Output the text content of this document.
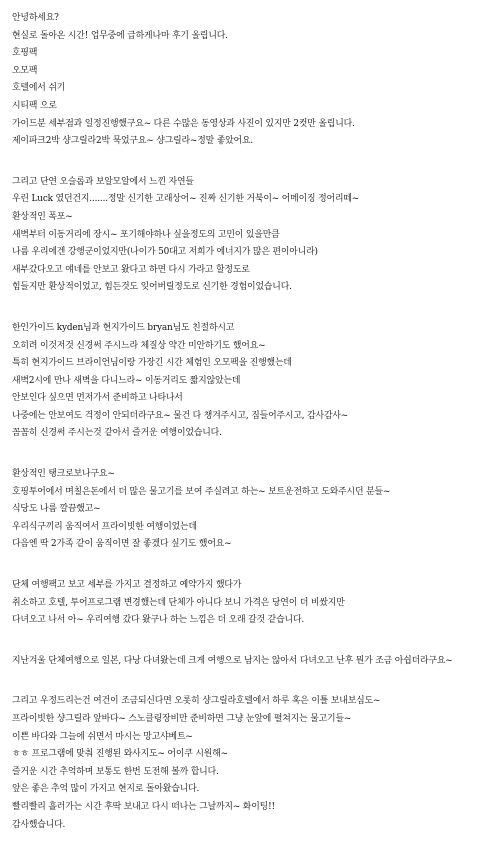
안녕하세요?
현실로 돌아온 시간! 업무중에 급하게나마 후기 올립니다.
호핑팩
오모팩
호텔에서 쉬기
시티팩 으로
가이드분 세부점과 일정진행했구요~ 다른 수많은 동영상과 사진이 있지만 2컷만 올립니다.
제이파크2박 샹그릴라2박 묵었구요~ 샹그릴라~정말 좋았어요.
그리고 단연 오슬롭과 보알모알에서 느낀 자연들
우린 Luck 였던건지.......정말 신기한 고래상어~ 진짜 신기한 거북이~ 어메이징 정어리떼~
환상적인 폭포~
새벽부터 이동거리에 장시~ 포기해야하나 싶을정도의 고민이 있을만큼
나름 우리에겐 강행군이었지만(나이가 50대고 저희가 에너지가 많은 편이아니라)
새부갔다오고 얘네를 안보고 왔다고 하면 다시 가라고 할정도로
힘들지만 환상적이었고, 힘든것도 잊어버릴정도로 신기한 경험이었습니다.
한인가이드 kyden님과 현지가이드 bryan님도 친절하시고
오히려 이것저것 신경써 주시느라 체질상 약간 미안하기도 했어요~
특히 현지가이드 브라이언님이랑 가장긴 시간 체험인 오모팩을 진행했는데
새벽2시에 만나 새벽을 다니느라~ 이동거리도 짧지않았는데
안보인다 싶으면 먼저가서 준비하고 나타나서
나중에는 안보여도 걱정이 안되더라구요~ 물건 다 챙겨주시고, 짐들어주시고, 감사감사~
꼼꼼히 신경써 주시는것 같아서 즐거운 여행이었습니다.
환상적인 탱크로보나구요~
호핑투어에서 며칠은돈에서 더 많은 물고기를 보여 주실려고 하는~ 보트운전하고 도와주시던 분들~
식당도 나름 깔끔했고~
우리식구끼리 움직여서 프라이빗한 여행이었는데
다음엔 딱 2가족 같이 움직이면 잘 좋겠다 싶기도 했어요~
단체 여행팩고 보고 세부를 가지고 결정하고 예약가지 했다가
취소하고 호텔, 투어프로그램 변경했는데 단체가 아니다 보니 가격은 당연이 더 비쌌지만
다녀오고 나서 아~ 우리여행 갔다 왔구나 하는 느낌은 더 오래 갈것 같습니다.
지난겨울 단체여행으로 일본, 다낭 다녀왔는데 크게 여행으로 남지는 않아서 다녀오고 난후 뭔가 조금 아쉽더라구요~
그리고 우정드리는건 여건이 조금되신다면 오롯히 샹그릴라호텔에서 하루 혹은 이틀 보내보심도~
프라이빗한 샹그릴라 앞바다~ 스노클링장비만 준비하면 그냥 눈앞에 펼쳐지는 물고기들~
이쁜 바다와 그늘에 쉬면서 마시는 망고샤베트~
ㅎㅎ 프로그램에 맞춰 진행된 와사지도~ 어이쿠 시원해~
즐거운 시간 추억하며 보통도 한번 도전해 볼까 합니다.
앞은 좋은 추억 많이 가지고 현지로 돌아왔습니다.
빨리빨리 흘러가는 시간 후딱 보내고 다시 떠나는 그날까지~ 화이팅!!
감사했습니다.
